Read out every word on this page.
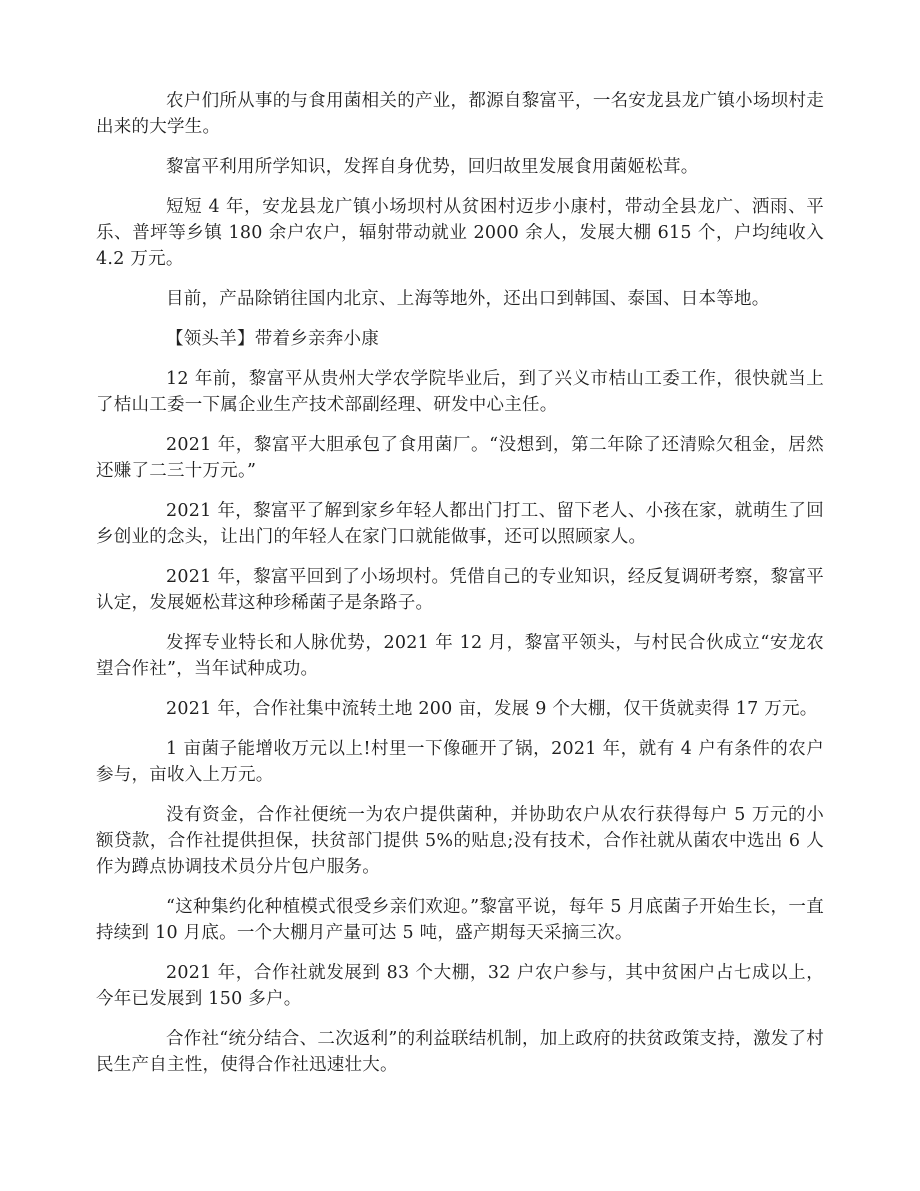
农户们所从事的与食用菌相关的产业，都源自黎富平，一名安龙县龙广镇小场坝村走出来的大学生。

黎富平利用所学知识，发挥自身优势，回归故里发展食用菌姬松茸。

短短 4 年，安龙县龙广镇小场坝村从贫困村迈步小康村，带动全县龙广、洒雨、平乐、普坪等乡镇 180 余户农户，辐射带动就业 2000 余人，发展大棚 615 个，户均纯收入 4.2 万元。

目前，产品除销往国内北京、上海等地外，还出口到韩国、泰国、日本等地。

【领头羊】带着乡亲奔小康

12 年前，黎富平从贵州大学农学院毕业后，到了兴义市桔山工委工作，很快就当上了桔山工委一下属企业生产技术部副经理、研发中心主任。

2021 年，黎富平大胆承包了食用菌厂。“没想到，第二年除了还清赊欠租金，居然还赚了二三十万元。”

2021 年，黎富平了解到家乡年轻人都出门打工、留下老人、小孩在家，就萌生了回乡创业的念头，让出门的年轻人在家门口就能做事，还可以照顾家人。

2021 年，黎富平回到了小场坝村。凭借自己的专业知识，经反复调研考察，黎富平认定，发展姬松茸这种珍稀菌子是条路子。

发挥专业特长和人脉优势，2021 年 12 月，黎富平领头，与村民合伙成立“安龙农望合作社”，当年试种成功。

2021 年，合作社集中流转土地 200 亩，发展 9 个大棚，仅干货就卖得 17 万元。

1 亩菌子能增收万元以上!村里一下像砸开了锅，2021 年，就有 4 户有条件的农户参与，亩收入上万元。

没有资金，合作社便统一为农户提供菌种，并协助农户从农行获得每户 5 万元的小额贷款，合作社提供担保，扶贫部门提供 5%的贴息;没有技术，合作社就从菌农中选出 6 人作为蹲点协调技术员分片包户服务。

“这种集约化种植模式很受乡亲们欢迎。”黎富平说，每年 5 月底菌子开始生长，一直持续到 10 月底。一个大棚月产量可达 5 吨，盛产期每天采摘三次。

2021 年，合作社就发展到 83 个大棚，32 户农户参与，其中贫困户占七成以上，今年已发展到 150 多户。

合作社“统分结合、二次返利”的利益联结机制，加上政府的扶贫政策支持，激发了村民生产自主性，使得合作社迅速壮大。
